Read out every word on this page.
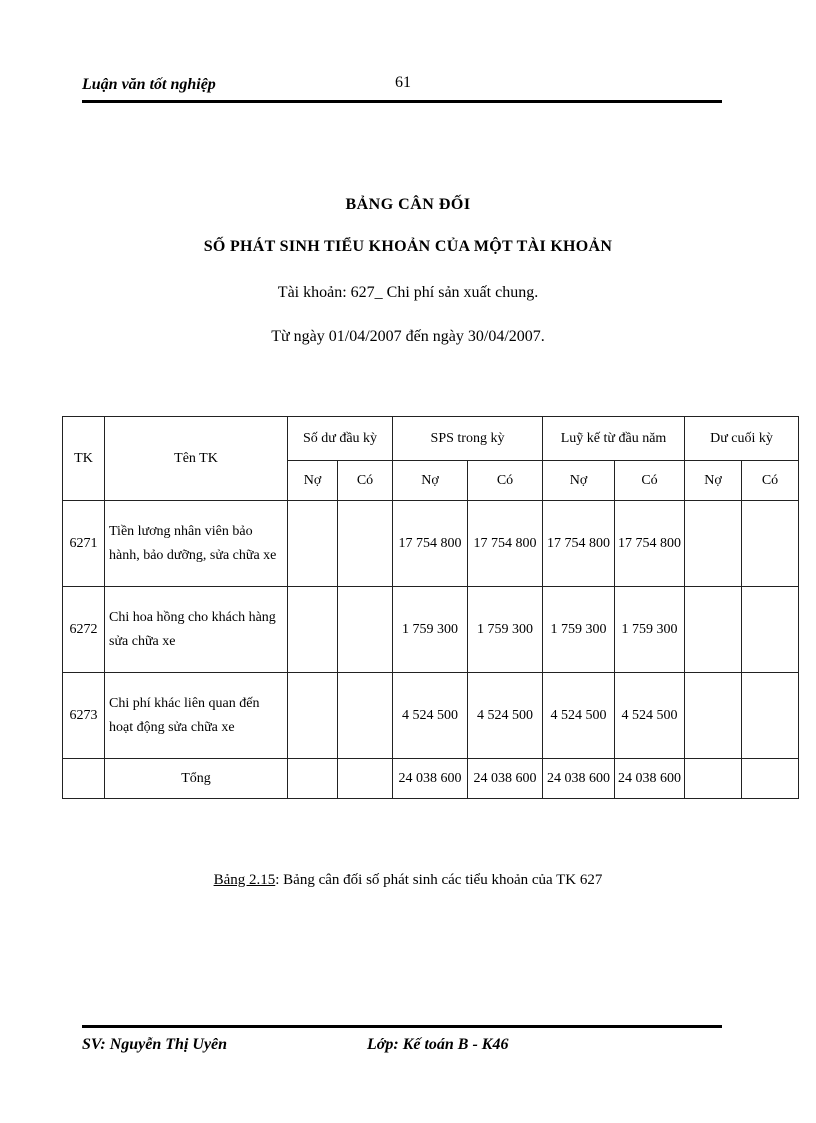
Luận văn tốt nghiệp	61
BẢNG CÂN ĐỐI
SỐ PHÁT SINH TIỂU KHOẢN CỦA MỘT TÀI KHOẢN
Tài khoản: 627_ Chi phí sản xuất chung.
Từ ngày 01/04/2007 đến ngày 30/04/2007.
TK	Tên TK	Số dư đầu kỳ		SPS trong kỳ		Luỹ kế từ đầu năm		Dư cuối kỳ	
		Nợ	Có	Nợ	Có	Nợ	Có	Nợ	Có
6271	Tiền lương nhân viên bảo hành, bảo dưỡng, sửa chữa xe			17 754 800	17 754 800	17 754 800	17 754 800		
6272	Chi hoa hồng cho khách hàng sửa chữa xe			1 759 300	1 759 300	1 759 300	1 759 300		
6273	Chi phí khác liên quan đến hoạt động sửa chữa xe			4 524 500	4 524 500	4 524 500	4 524 500		
	Tổng			24 038 600	24 038 600	24 038 600	24 038 600		
Bảng 2.15: Bảng cân đối số phát sinh các tiểu khoản của TK 627
SV: Nguyễn Thị Uyên	Lớp: Kế toán B - K46
